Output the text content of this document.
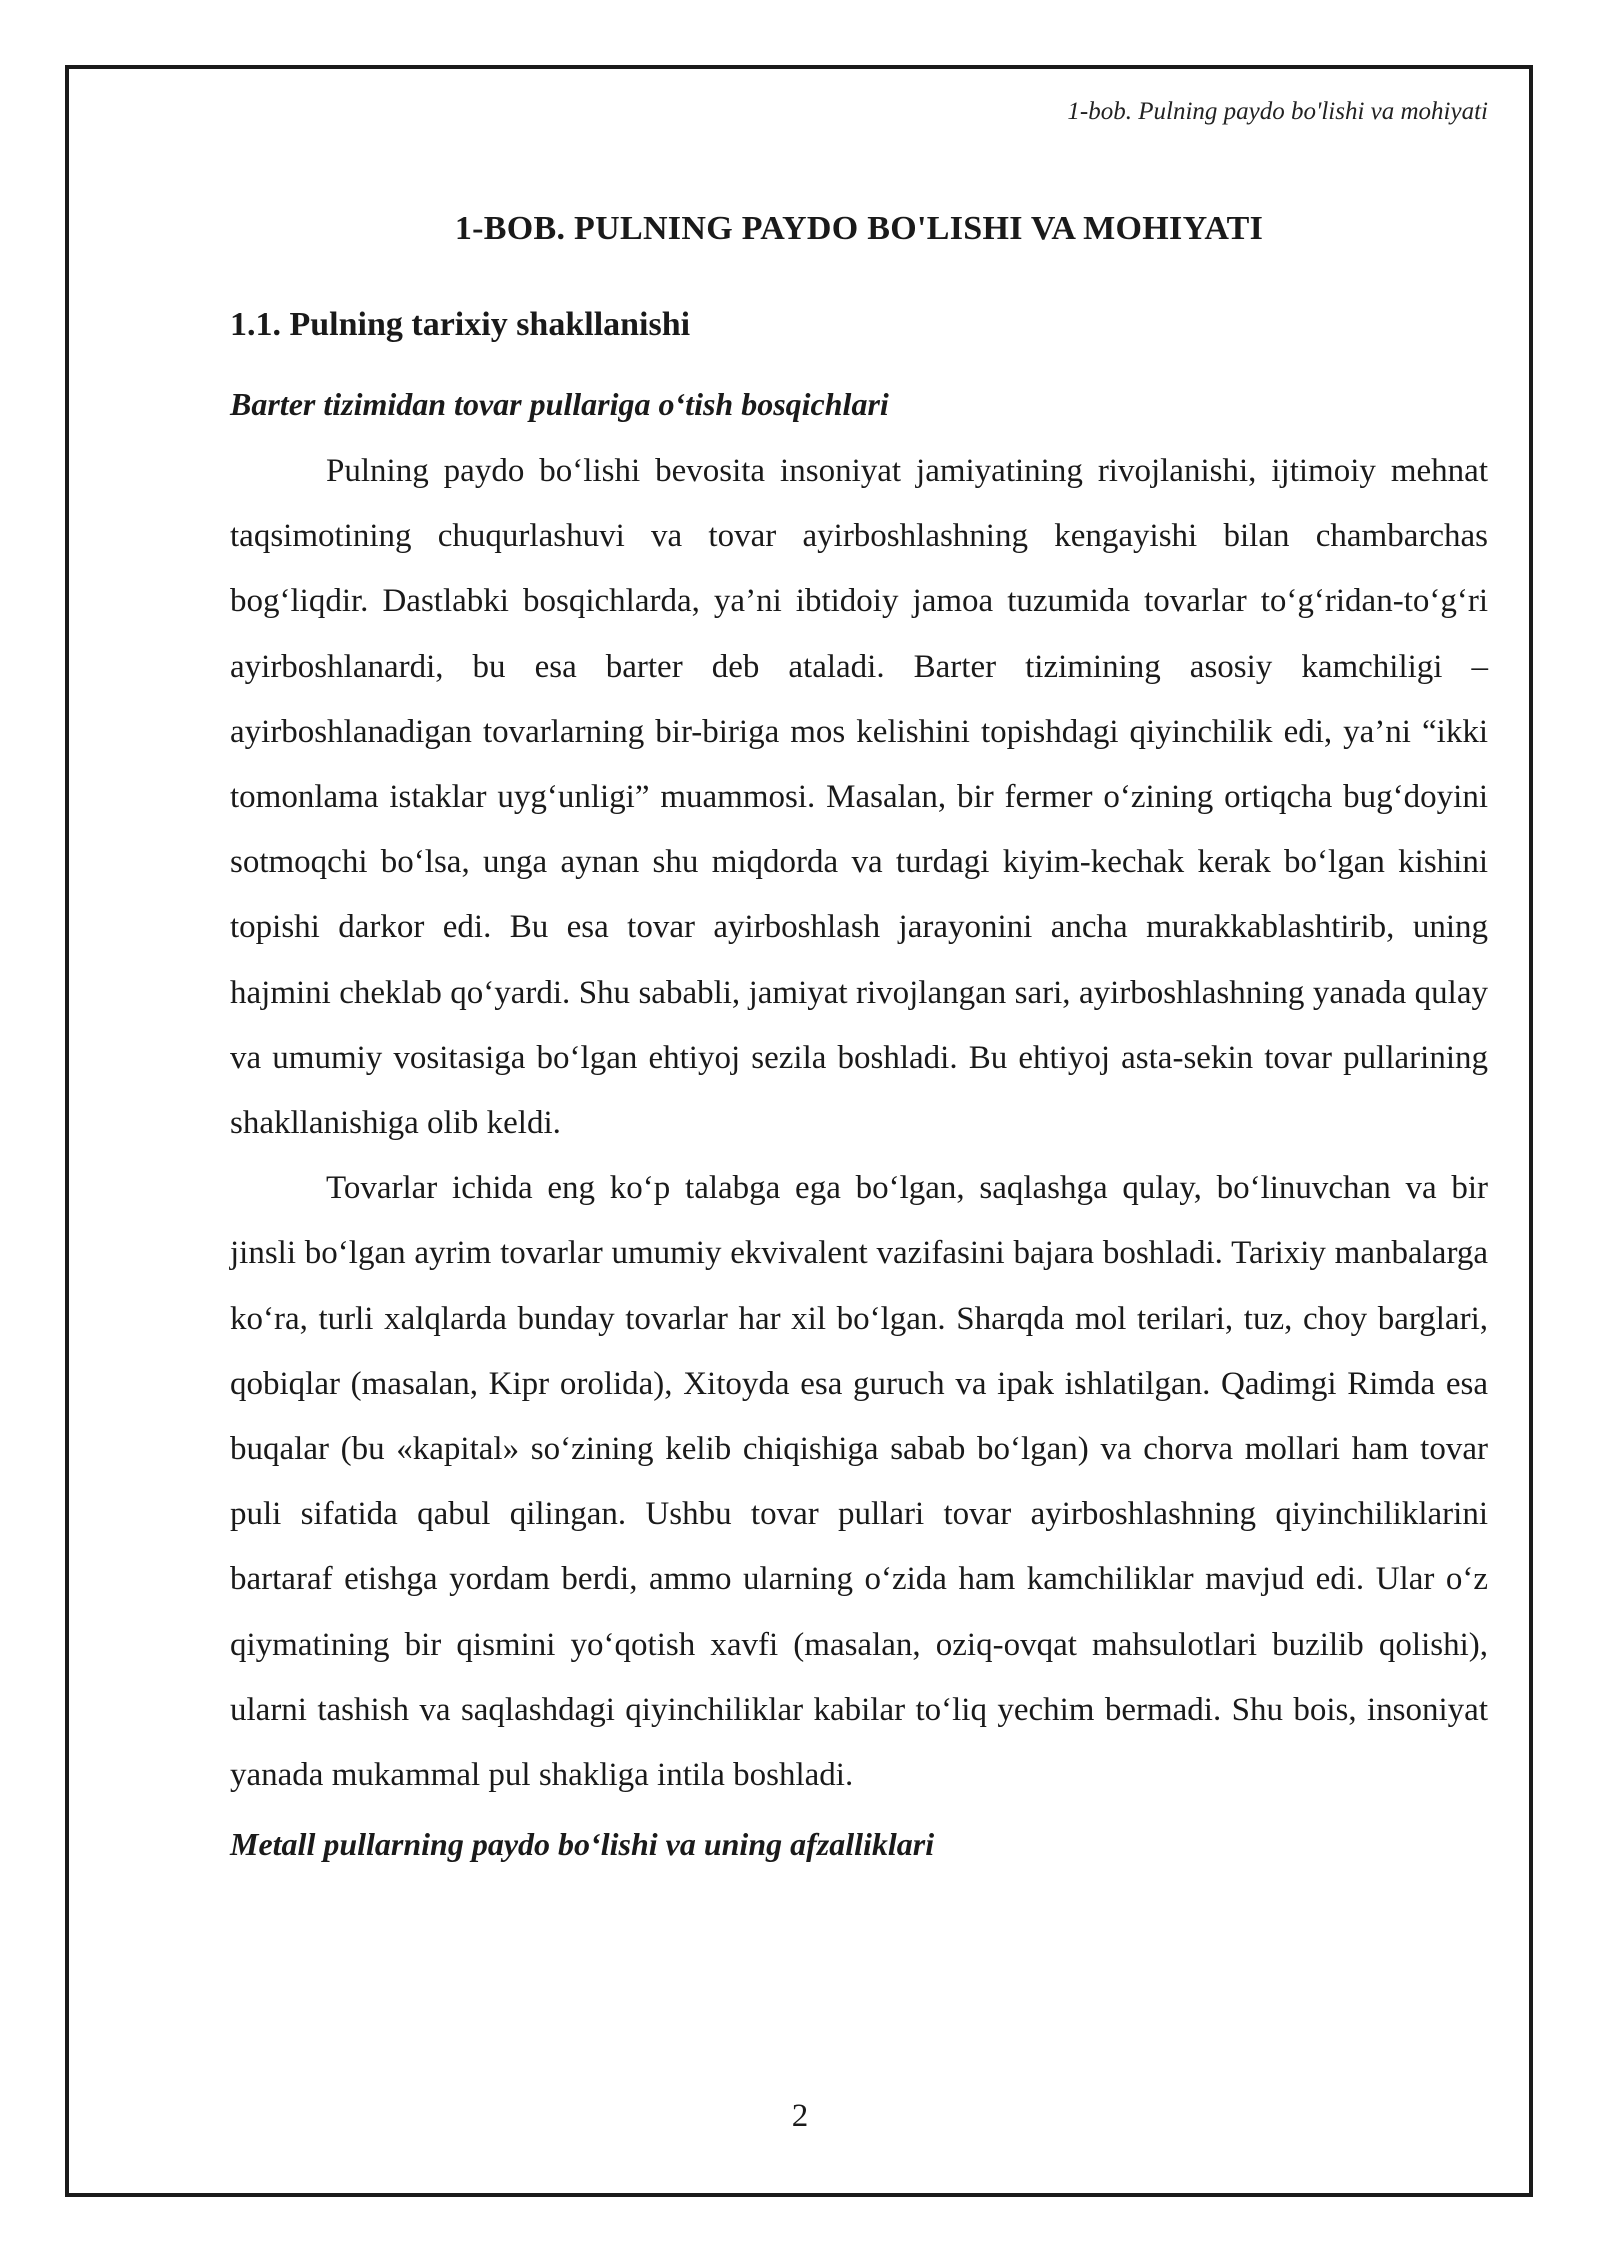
1-bob. Pulning paydo bo'lishi va mohiyati
1-BOB. PULNING PAYDO BO'LISHI VA MOHIYATI
1.1. Pulning tarixiy shakllanishi
Barter tizimidan tovar pullariga o‘tish bosqichlari

Pulning paydo bo‘lishi bevosita insoniyat jamiyatining rivojlanishi, ijtimoiy mehnat taqsimotining chuqurlashuvi va tovar ayirboshlashning kengayishi bilan chambarchas bog‘liqdir. Dastlabki bosqichlarda, ya’ni ibtidoiy jamoa tuzumida tovarlar to‘g‘ridan-to‘g‘ri ayirboshlanardi, bu esa barter deb ataladi. Barter tizimining asosiy kamchiligi – ayirboshlanadigan tovarlarning bir-biriga mos kelishini topishdagi qiyinchilik edi, ya’ni “ikki tomonlama istaklar uyg‘unligi” muammosi. Masalan, bir fermer o‘zining ortiqcha bug‘doyini sotmoqchi bo‘lsa, unga aynan shu miqdorda va turdagi kiyim-kechak kerak bo‘lgan kishini topishi darkor edi. Bu esa tovar ayirboshlash jarayonini ancha murakkablashtirib, uning hajmini cheklab qo‘yardi. Shu sababli, jamiyat rivojlangan sari, ayirboshlashning yanada qulay va umumiy vositasiga bo‘lgan ehtiyoj sezila boshladi. Bu ehtiyoj asta-sekin tovar pullarining shakllanishiga olib keldi.

Tovarlar ichida eng ko‘p talabga ega bo‘lgan, saqlashga qulay, bo‘linuvchan va bir jinsli bo‘lgan ayrim tovarlar umumiy ekvivalent vazifasini bajara boshladi. Tarixiy manbalarga ko‘ra, turli xalqlarda bunday tovarlar har xil bo‘lgan. Sharqda mol terilari, tuz, choy barglari, qobiqlar (masalan, Kipr orolida), Xitoyda esa guruch va ipak ishlatilgan. Qadimgi Rimda esa buqalar (bu «kapital» so‘zining kelib chiqishiga sabab bo‘lgan) va chorva mollari ham tovar puli sifatida qabul qilingan. Ushbu tovar pullari tovar ayirboshlashning qiyinchiliklarini bartaraf etishga yordam berdi, ammo ularning o‘zida ham kamchiliklar mavjud edi. Ular o‘z qiymatining bir qismini yo‘qotish xavfi (masalan, oziq-ovqat mahsulotlari buzilib qolishi), ularni tashish va saqlashdagi qiyinchiliklar kabilar to‘liq yechim bermadi. Shu bois, insoniyat yanada mukammal pul shakliga intila boshladi.

Metall pullarning paydo bo‘lishi va uning afzalliklari
2
